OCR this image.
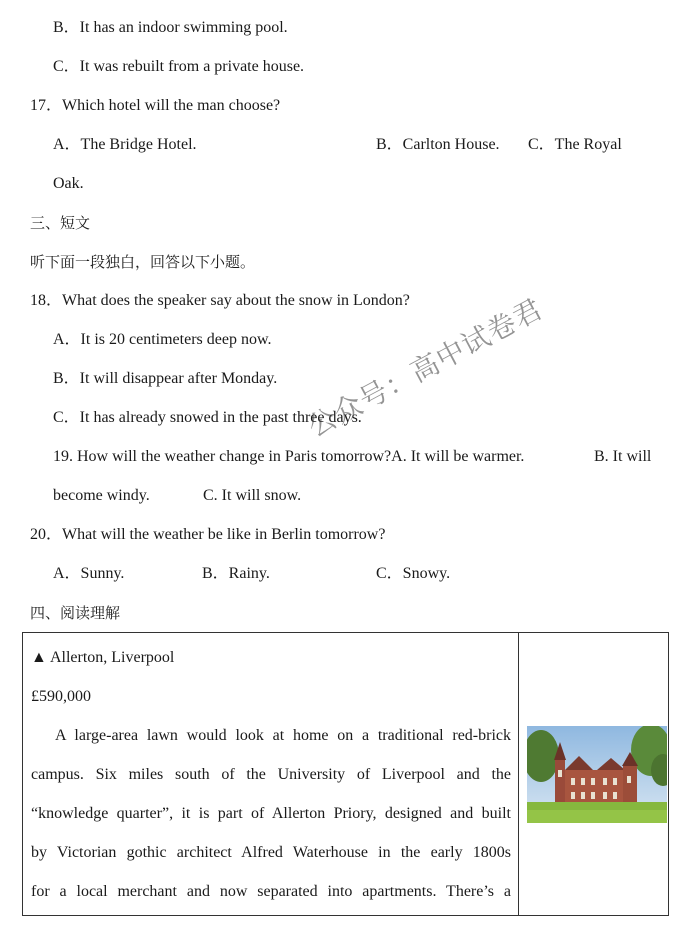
B．It has an indoor swimming pool.
C．It was rebuilt from a private house.
17．Which hotel will the man choose?
A．The Bridge Hotel.	B．Carlton House. C．The Royal
Oak.
三、短文
听下面一段独白，回答以下小题。
18．What does the speaker say about the snow in London?
A．It is 20 centimeters deep now.
B．It will disappear after Monday.
C．It has already snowed in the past three days.
19. How will the weather change in Paris tomorrow?A. It will be warmer.	B. It will
become windy.	C. It will snow.
20．What will the weather be like in Berlin tomorrow?
A．Sunny.	B．Rainy.	C．Snowy.
四、阅读理解
公众号：高中试卷君
▲ Allerton, Liverpool
£590,000
A large-area lawn would look at home on a traditional red-brick
campus. Six miles south of the University of Liverpool and the
“knowledge quarter”, it is part of Allerton Priory, designed and built
by Victorian gothic architect Alfred Waterhouse in the early 1800s
for a local merchant and now separated into apartments. There’s a
